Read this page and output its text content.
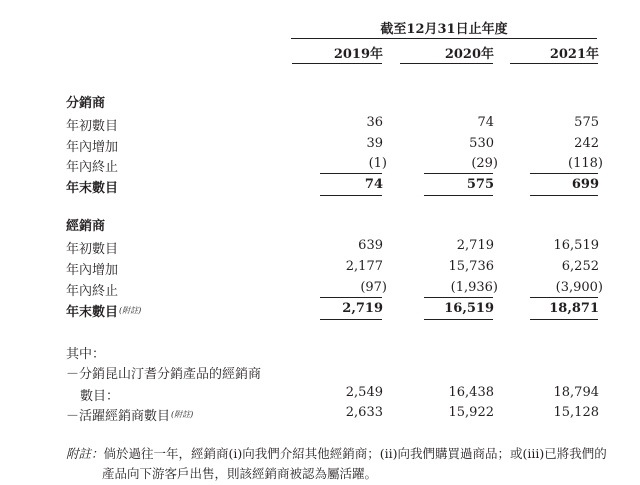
截至12月31日止年度
2019年	2020年	2021年
分銷商
年初數目	36	74	575
年內增加	39	530	242
年內終止	(1)	(29)	(118)
年末數目	74	575	699
經銷商
年初數目	639	2,719	16,519
年內增加	2,177	15,736	6,252
年內終止	(97)	(1,936)	(3,900)
年末數目$^{(附註)}$	2,719	16,519	18,871
其中：
－分銷昆山汀耆分銷產品的經銷商
數目：	2,549	16,438	18,794
－活躍經銷商數目$^{(附註)}$	2,633	15,922	15,128
附註：倘於過往一年，經銷商(i)向我們介紹其他經銷商；(ii)向我們購買過商品；或(iii)已將我們的
產品向下游客戶出售，則該經銷商被認為屬活躍。
